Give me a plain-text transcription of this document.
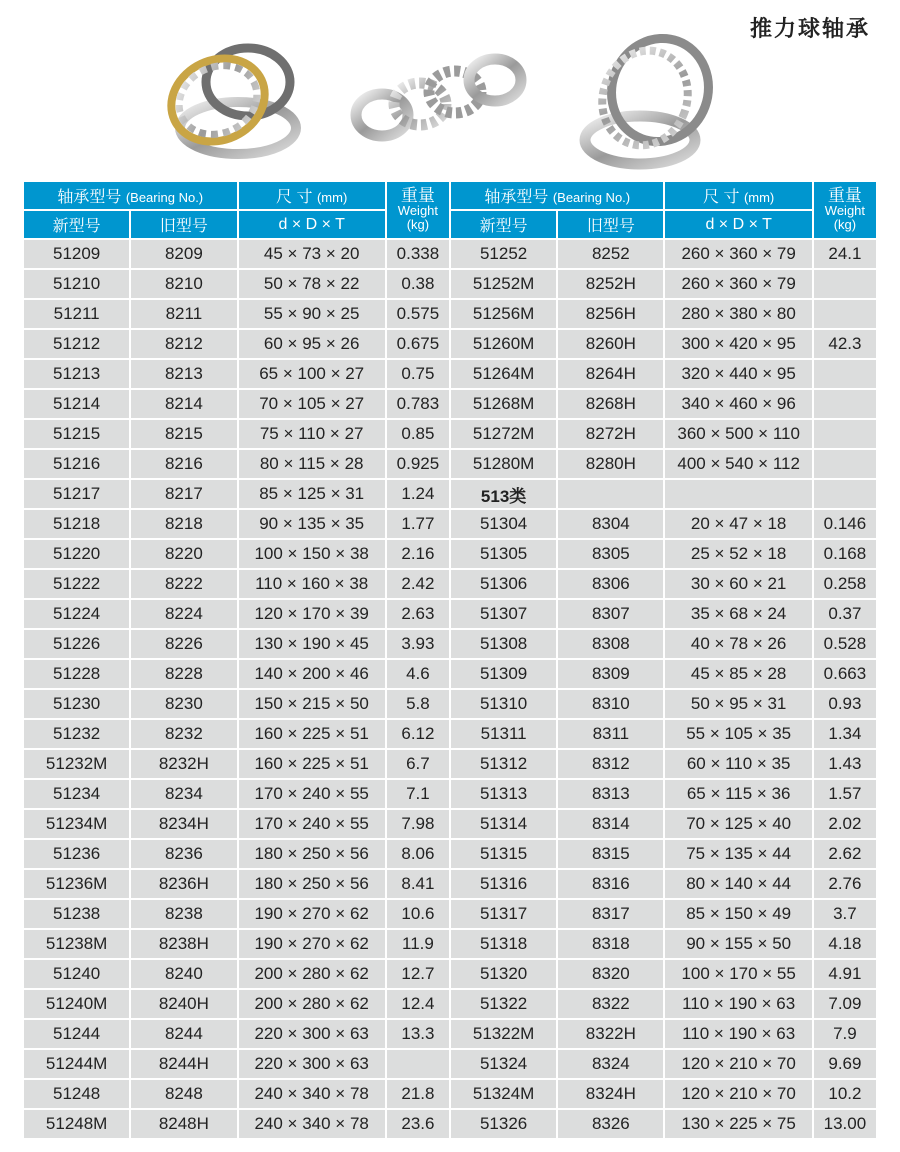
推力球轴承
轴承型号 (Bearing No.)		尺 寸 (mm)	重量
Weight
(kg)	轴承型号 (Bearing No.)		尺 寸 (mm)	重量
Weight
(kg)
新型号	旧型号	d × D × T		新型号	旧型号	d × D × T	
51209	8209	45 × 73 × 20	0.338	51252	8252	260 × 360 × 79	24.1
51210	8210	50 × 78 × 22	0.38	51252M	8252H	260 × 360 × 79	
51211	8211	55 × 90 × 25	0.575	51256M	8256H	280 × 380 × 80	
51212	8212	60 × 95 × 26	0.675	51260M	8260H	300 × 420 × 95	42.3
51213	8213	65 × 100 × 27	0.75	51264M	8264H	320 × 440 × 95	
51214	8214	70 × 105 × 27	0.783	51268M	8268H	340 × 460 × 96	
51215	8215	75 × 110 × 27	0.85	51272M	8272H	360 × 500 × 110	
51216	8216	80 × 115 × 28	0.925	51280M	8280H	400 × 540 × 112	
51217	8217	85 × 125 × 31	1.24	513类			
51218	8218	90 × 135 × 35	1.77	51304	8304	20 × 47 × 18	0.146
51220	8220	100 × 150 × 38	2.16	51305	8305	25 × 52 × 18	0.168
51222	8222	110 × 160 × 38	2.42	51306	8306	30 × 60 × 21	0.258
51224	8224	120 × 170 × 39	2.63	51307	8307	35 × 68 × 24	0.37
51226	8226	130 × 190 × 45	3.93	51308	8308	40 × 78 × 26	0.528
51228	8228	140 × 200 × 46	4.6	51309	8309	45 × 85 × 28	0.663
51230	8230	150 × 215 × 50	5.8	51310	8310	50 × 95 × 31	0.93
51232	8232	160 × 225 × 51	6.12	51311	8311	55 × 105 × 35	1.34
51232M	8232H	160 × 225 × 51	6.7	51312	8312	60 × 110 × 35	1.43
51234	8234	170 × 240 × 55	7.1	51313	8313	65 × 115 × 36	1.57
51234M	8234H	170 × 240 × 55	7.98	51314	8314	70 × 125 × 40	2.02
51236	8236	180 × 250 × 56	8.06	51315	8315	75 × 135 × 44	2.62
51236M	8236H	180 × 250 × 56	8.41	51316	8316	80 × 140 × 44	2.76
51238	8238	190 × 270 × 62	10.6	51317	8317	85 × 150 × 49	3.7
51238M	8238H	190 × 270 × 62	11.9	51318	8318	90 × 155 × 50	4.18
51240	8240	200 × 280 × 62	12.7	51320	8320	100 × 170 × 55	4.91
51240M	8240H	200 × 280 × 62	12.4	51322	8322	110 × 190 × 63	7.09
51244	8244	220 × 300 × 63	13.3	51322M	8322H	110 × 190 × 63	7.9
51244M	8244H	220 × 300 × 63		51324	8324	120 × 210 × 70	9.69
51248	8248	240 × 340 × 78	21.8	51324M	8324H	120 × 210 × 70	10.2
51248M	8248H	240 × 340 × 78	23.6	51326	8326	130 × 225 × 75	13.00
